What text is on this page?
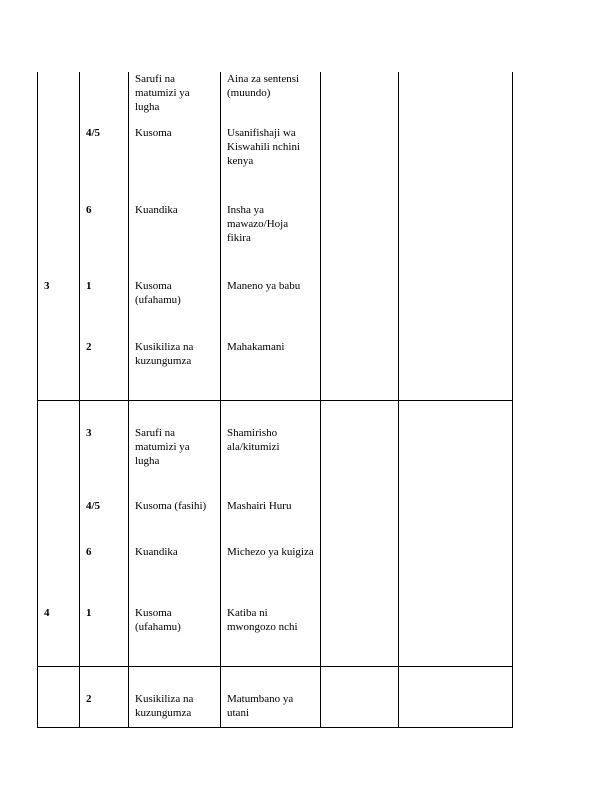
		Sarufi na matumizi ya lugha	Aina za sentensi (muundo)		
	4/5	Kusoma	Usanifishaji wa Kiswahili nchini kenya		
	6	Kuandika	Insha ya mawazo/Hoja fikira		
3	1	Kusoma (ufahamu)	Maneno ya babu		
	2	Kusikiliza na kuzungumza	Mahakamani		
	3	Sarufi na matumizi ya lugha	Shamirisho ala/kitumizi		
	4/5	Kusoma (fasihi)	Mashairi Huru		
	6	Kuandika	Michezo ya kuigiza		
4	1	Kusoma (ufahamu)	Katiba ni mwongozo nchi		
	2	Kusikiliza na kuzungumza	Matumbano ya utani		
